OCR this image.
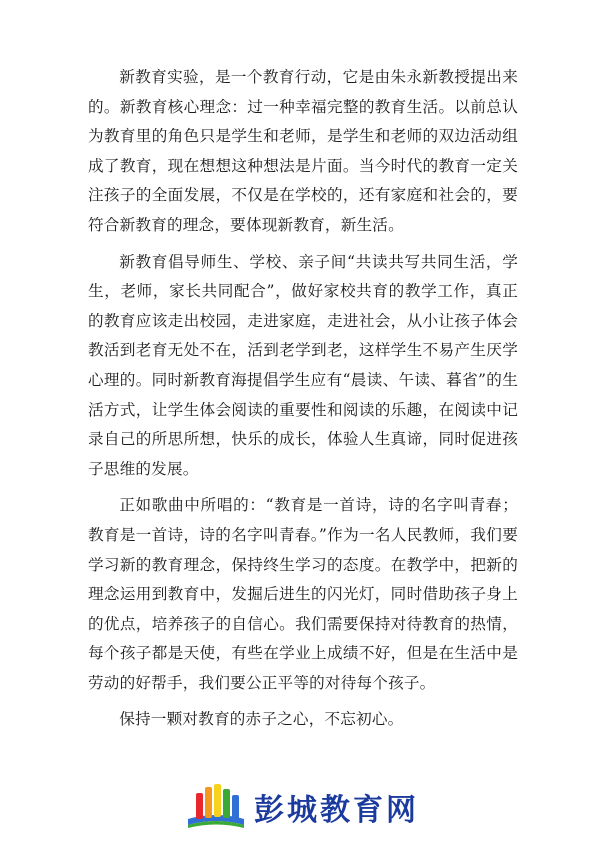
新教育实验，是一个教育行动，它是由朱永新教授提出来的。新教育核心理念：过一种幸福完整的教育生活。以前总认为教育里的角色只是学生和老师，是学生和老师的双边活动组成了教育，现在想想这种想法是片面。当今时代的教育一定关注孩子的全面发展，不仅是在学校的，还有家庭和社会的，要符合新教育的理念，要体现新教育，新生活。

新教育倡导师生、学校、亲子间“共读共写共同生活，学生，老师，家长共同配合”，做好家校共育的教学工作，真正的教育应该走出校园，走进家庭，走进社会，从小让孩子体会教活到老育无处不在，活到老学到老，这样学生不易产生厌学心理的。同时新教育海提倡学生应有“晨读、午读、暮省”的生活方式，让学生体会阅读的重要性和阅读的乐趣，在阅读中记录自己的所思所想，快乐的成长，体验人生真谛，同时促进孩子思维的发展。

正如歌曲中所唱的：“教育是一首诗，诗的名字叫青春；教育是一首诗，诗的名字叫青春。”作为一名人民教师，我们要学习新的教育理念，保持终生学习的态度。在教学中，把新的理念运用到教育中，发掘后进生的闪光灯，同时借助孩子身上的优点，培养孩子的自信心。我们需要保持对待教育的热情，每个孩子都是天使，有些在学业上成绩不好，但是在生活中是劳动的好帮手，我们要公正平等的对待每个孩子。

保持一颗对教育的赤子之心，不忘初心。

彭城教育网
